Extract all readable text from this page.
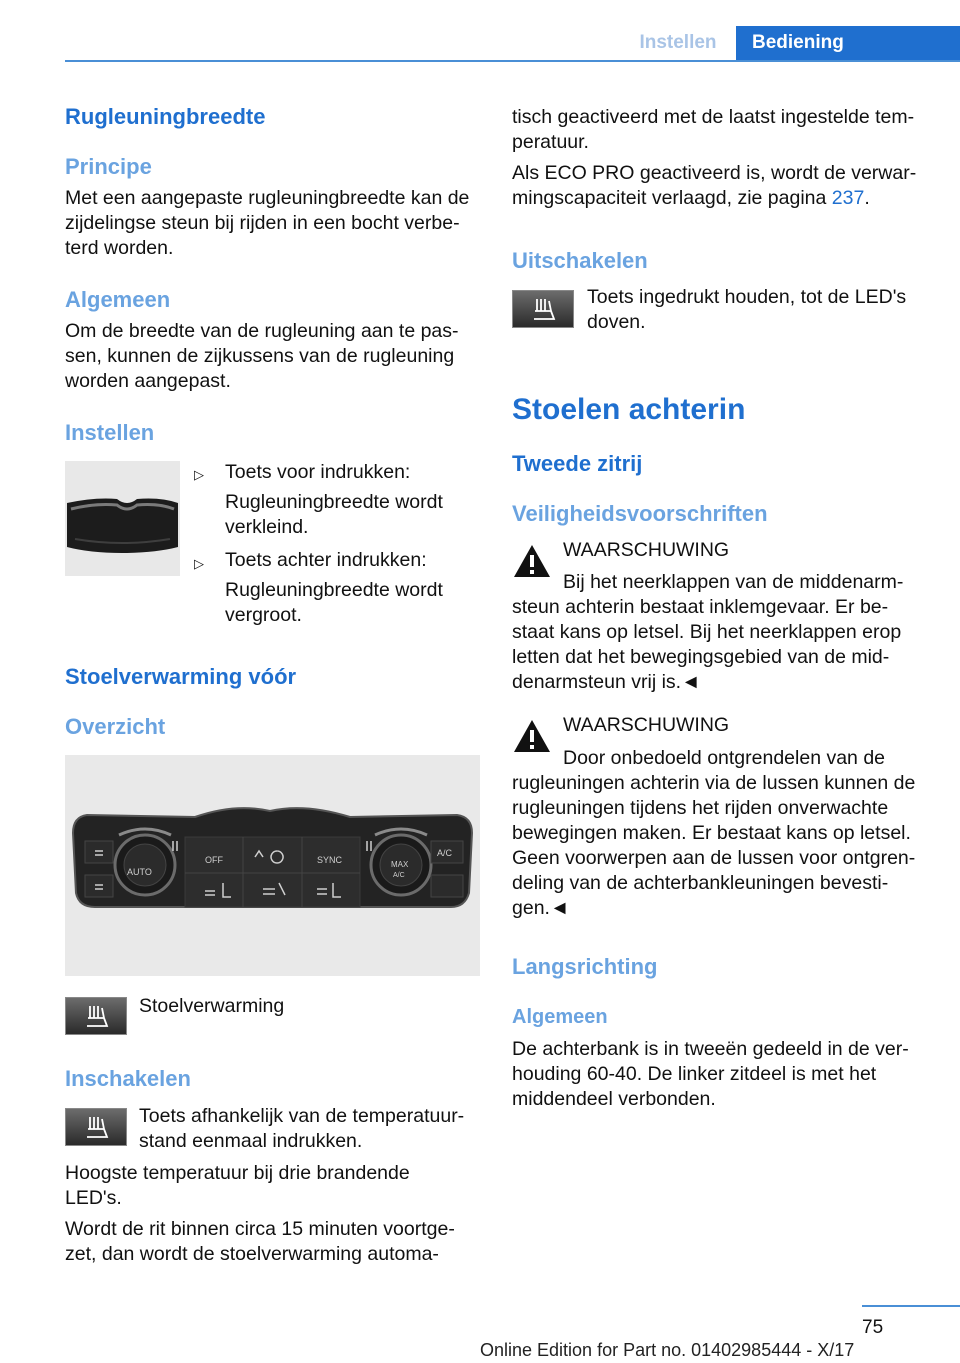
Instellen	Bediening
Rugleuningbreedte
Principe
Met een aangepaste rugleuningbreedte kan de
zijdelingse steun bij rijden in een bocht verbe-
terd worden.
Algemeen
Om de breedte van de rugleuning aan te pas-
sen, kunnen de zijkussens van de rugleuning
worden aangepast.
Instellen
▷ Toets voor indrukken:
Rugleuningbreedte wordt
verkleind.
▷ Toets achter indrukken:
Rugleuningbreedte wordt
vergroot.
Stoelverwarming vóór
Overzicht
AUTO
MAX
A/C
OFF	SYNC
A/C
Stoelverwarming
Inschakelen
Toets afhankelijk van de temperatuur-
stand eenmaal indrukken.
Hoogste temperatuur bij drie brandende
LED's.
Wordt de rit binnen circa 15 minuten voortge-
zet, dan wordt de stoelverwarming automa-
tisch geactiveerd met de laatst ingestelde tem-
peratuur.
Als ECO PRO geactiveerd is, wordt de verwar-
mingscapaciteit verlaagd, zie pagina 237.
Uitschakelen
Toets ingedrukt houden, tot de LED's
doven.
Stoelen achterin
Tweede zitrij
Veiligheidsvoorschriften
WAARSCHUWING
Bij het neerklappen van de middenarm-
steun achterin bestaat inklemgevaar. Er be-
staat kans op letsel. Bij het neerklappen erop
letten dat het bewegingsgebied van de mid-
denarmsteun vrij is.◄
WAARSCHUWING
Door onbedoeld ontgrendelen van de
rugleuningen achterin via de lussen kunnen de
rugleuningen tijdens het rijden onverwachte
bewegingen maken. Er bestaat kans op letsel.
Geen voorwerpen aan de lussen voor ontgren-
deling van de achterbankleuningen bevesti-
gen.◄
Langsrichting
Algemeen
De achterbank is in tweeën gedeeld in de ver-
houding 60-40. De linker zitdeel is met het
middendeel verbonden.
75
Online Edition for Part no. 01402985444 - X/17
